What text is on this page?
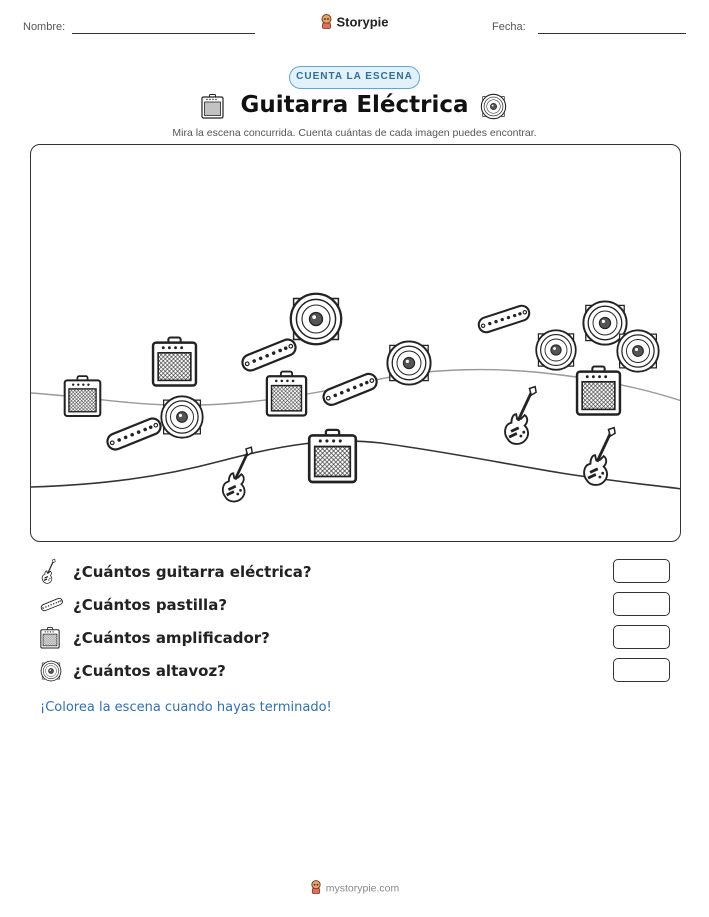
Nombre:	Fecha:
Storypie
CUENTA LA ESCENA
Guitarra Eléctrica
Mira la escena concurrida. Cuenta cuántas de cada imagen puedes encontrar.
¿Cuántos guitarra eléctrica?
¿Cuántos pastilla?
¿Cuántos amplificador?
¿Cuántos altavoz?
¡Colorea la escena cuando hayas terminado!
mystorypie.com
